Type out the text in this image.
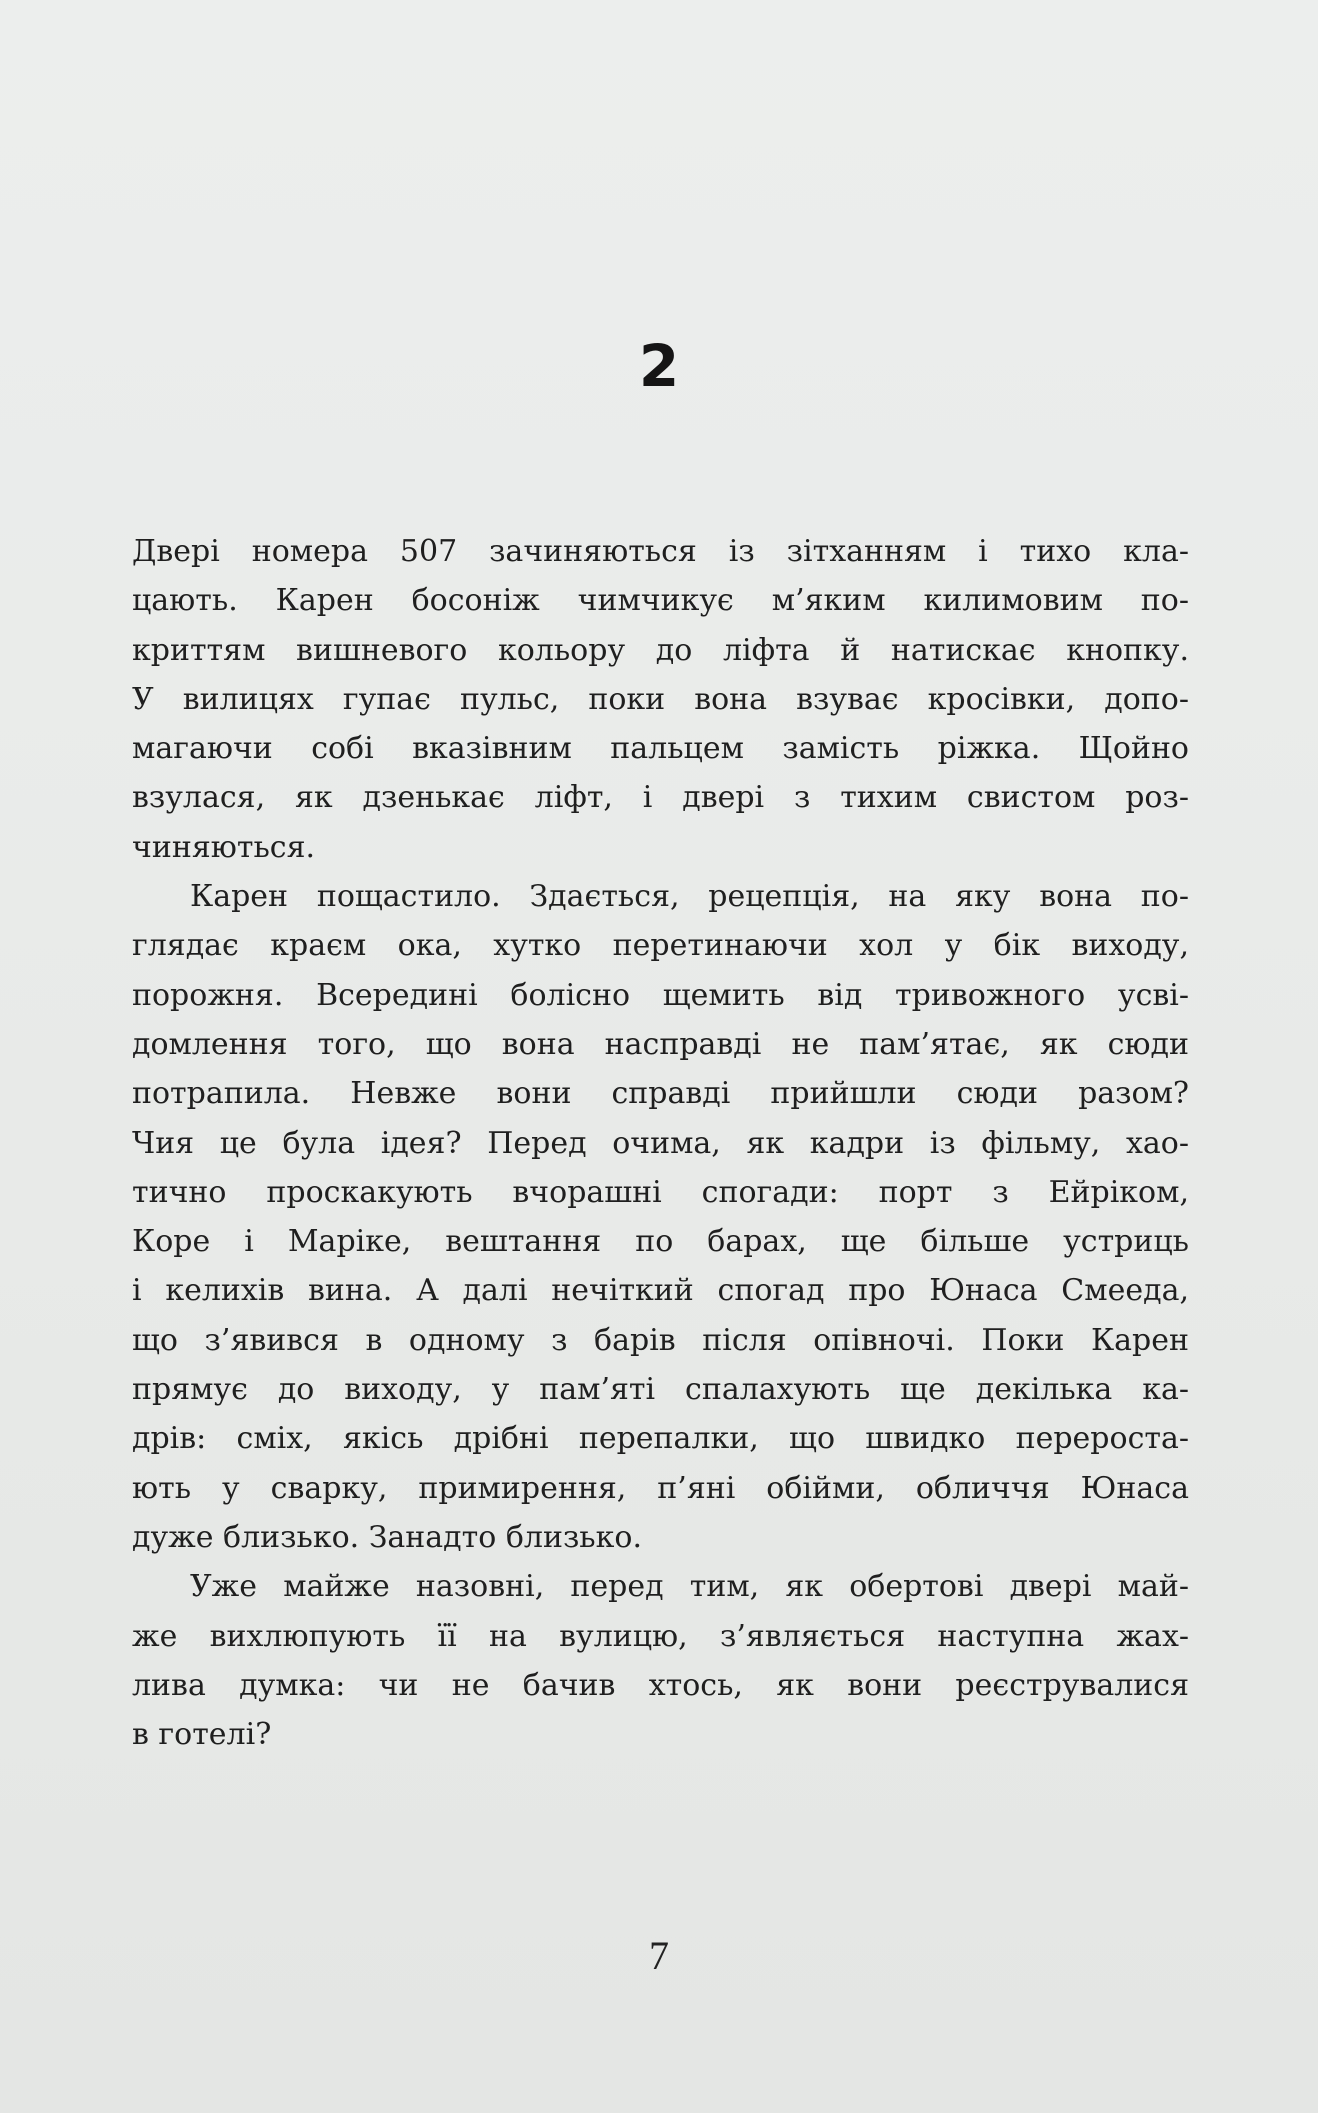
2
Двері номера 507 зачиняються із зітханням і тихо кла-
цають. Карен босоніж чимчикує м’яким килимовим по-
криттям вишневого кольору до ліфта й натискає кнопку.
У вилицях гупає пульс, поки вона взуває кросівки, допо-
магаючи собі вказівним пальцем замість ріжка. Щойно
взулася, як дзенькає ліфт, і двері з тихим свистом роз-
чиняються.
Карен пощастило. Здається, рецепція, на яку вона по-
глядає краєм ока, хутко перетинаючи хол у бік виходу,
порожня. Всередині болісно щемить від тривожного усві-
домлення того, що вона насправді не пам’ятає, як сюди
потрапила. Невже вони справді прийшли сюди разом?
Чия це була ідея? Перед очима, як кадри із фільму, хао-
тично проскакують вчорашні спогади: порт з Ейріком,
Коре і Маріке, вештання по барах, ще більше устриць
і келихів вина. А далі нечіткий спогад про Юнаса Смееда,
що з’явився в одному з барів після опівночі. Поки Карен
прямує до виходу, у пам’яті спалахують ще декілька ка-
дрів: сміх, якісь дрібні перепалки, що швидко переростa-
ють у сварку, примирення, п’яні обійми, обличчя Юнаса
дуже близько. Занадто близько.
Уже майже назовні, перед тим, як обертові двері май-
же вихлюпують її на вулицю, з’являється наступна жах-
лива думка: чи не бачив хтось, як вони реєструвалися
в готелі?
7
